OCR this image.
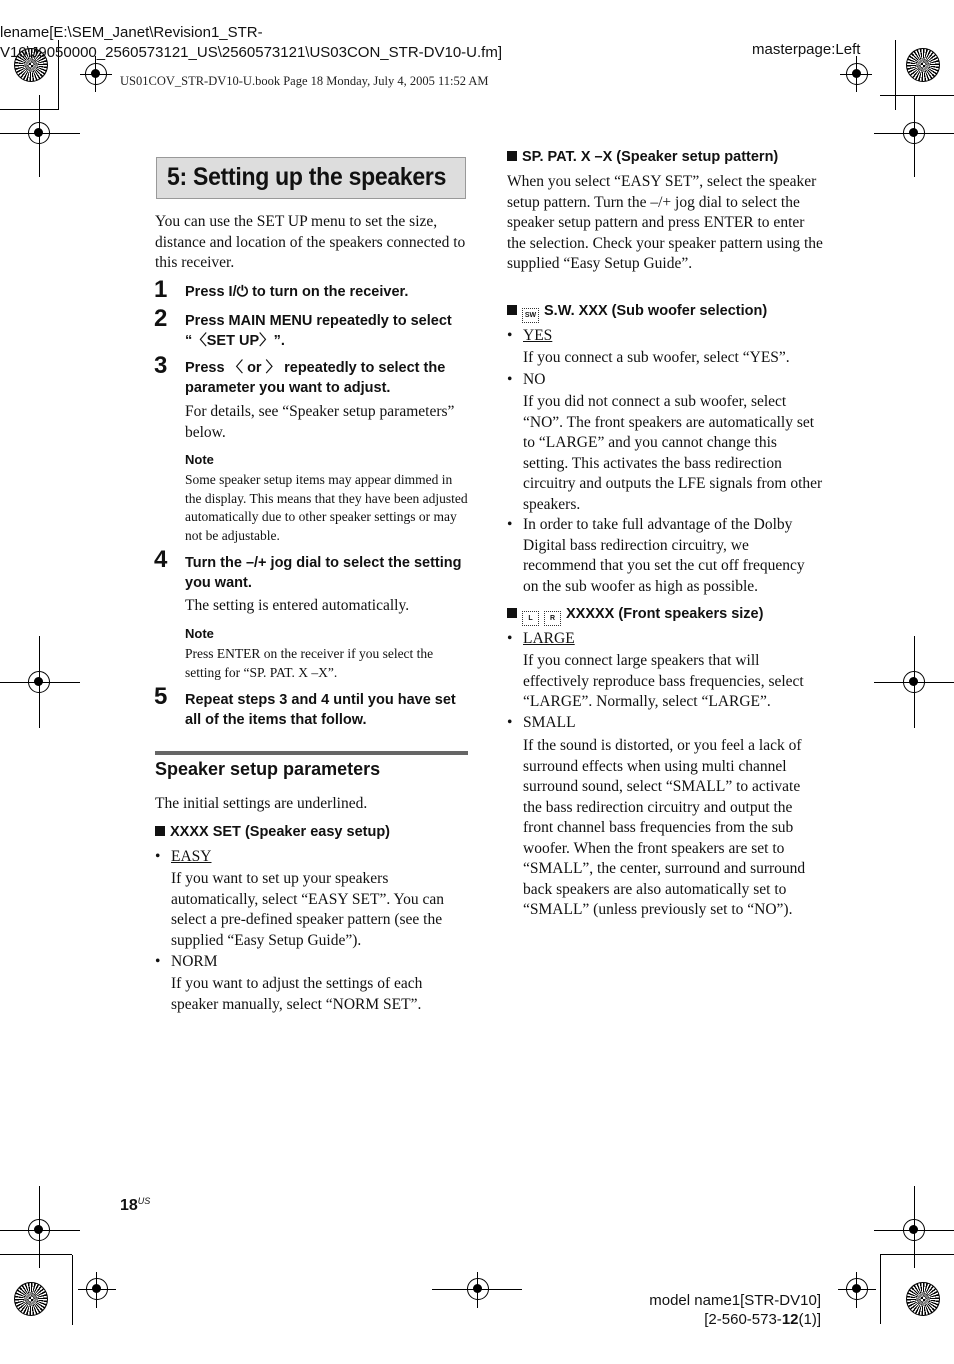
lename[E:\SEM_Janet\Revision1_STR-
V10\J9050000_2560573121_US\2560573121\US03CON_STR-DV10-U.fm]	masterpage:Left
US01COV_STR-DV10-U.book Page 18 Monday, July 4, 2005 11:52 AM
5: Setting up the speakers
You can use the SET UP menu to set the size, distance and location of the speakers connected to this receiver.
1 Press I/⏻ to turn on the receiver.
2 Press MAIN MENU repeatedly to select “〈SET UP〉”.
3 Press 〈 or 〉 repeatedly to select the parameter you want to adjust.
For details, see “Speaker setup parameters” below.
Note
Some speaker setup items may appear dimmed in the display. This means that they have been adjusted automatically due to other speaker settings or may not be adjustable.
4 Turn the –/+ jog dial to select the setting you want.
The setting is entered automatically.
Note
Press ENTER on the receiver if you select the setting for “SP. PAT. X –X”.
5 Repeat steps 3 and 4 until you have set all of the items that follow.
Speaker setup parameters
The initial settings are underlined.
XXXX SET (Speaker easy setup)
• EASY
If you want to set up your speakers automatically, select “EASY SET”. You can select a pre-defined speaker pattern (see the supplied “Easy Setup Guide”).
• NORM
If you want to adjust the settings of each speaker manually, select “NORM SET”.
SP. PAT. X –X (Speaker setup pattern)
When you select “EASY SET”, select the speaker setup pattern. Turn the –/+ jog dial to select the speaker setup pattern and press ENTER to enter the selection. Check your speaker pattern using the supplied “Easy Setup Guide”.
SW S.W. XXX (Sub woofer selection)
• YES
If you connect a sub woofer, select “YES”.
• NO
If you did not connect a sub woofer, select “NO”. The front speakers are automatically set to “LARGE” and you cannot change this setting. This activates the bass redirection circuitry and outputs the LFE signals from other speakers.
• In order to take full advantage of the Dolby Digital bass redirection circuitry, we recommend that you set the cut off frequency on the sub woofer as high as possible.
L R XXXXX (Front speakers size)
• LARGE
If you connect large speakers that will effectively reproduce bass frequencies, select “LARGE”. Normally, select “LARGE”.
• SMALL
If the sound is distorted, or you feel a lack of surround effects when using multi channel surround sound, select “SMALL” to activate the bass redirection circuitry and output the front channel bass frequencies from the sub woofer. When the front speakers are set to “SMALL”, the center, surround and surround back speakers are also automatically set to “SMALL” (unless previously set to “NO”).
$18^{US}$
model name1[STR-DV10]
[2-560-573-12(1)]
